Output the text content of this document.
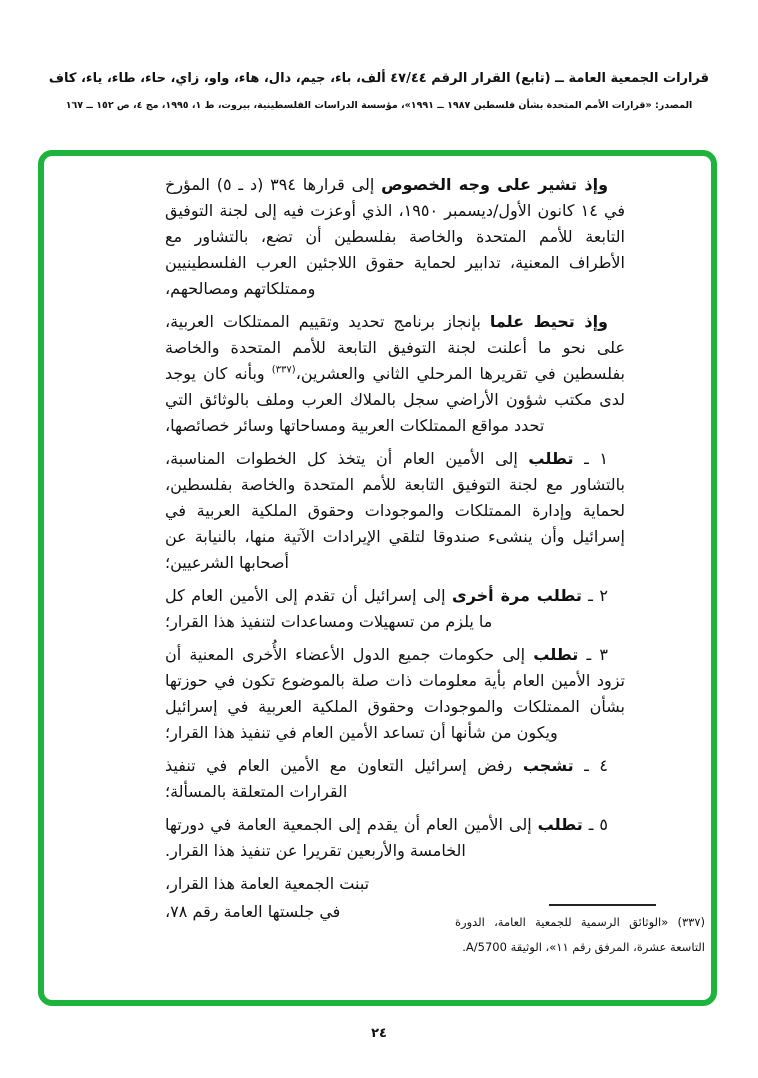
قرارات الجمعية العامة ــ (تابع) القرار الرقم ٤٧/٤٤ ألف، باء، جيم، دال، هاء، واو، زاي، حاء، طاء، ياء، كاف
المصدر: «قرارات الأمم المتحدة بشأن فلسطين ١٩٨٧ ــ ١٩٩١»، مؤسسة الدراسات الفلسطينية، بيروت، ط ١، ١٩٩٥، مج ٤، ص ١٥٢ ــ ١٦٧

وإذ تشير على وجه الخصوص إلى قرارها ٣٩٤ (د ـ ٥) المؤرخ في ١٤ كانون الأول/ديسمبر ١٩٥٠، الذي أوعزت فيه إلى لجنة التوفيق التابعة للأمم المتحدة والخاصة بفلسطين أن تضع، بالتشاور مع الأطراف المعنية، تدابير لحماية حقوق اللاجئين العرب الفلسطينيين وممتلكاتهم ومصالحهم،

وإذ تحيط علما بإنجاز برنامج تحديد وتقييم الممتلكات العربية، على نحو ما أعلنت لجنة التوفيق التابعة للأمم المتحدة والخاصة بفلسطين في تقريرها المرحلي الثاني والعشرين،$^{(٣٣٧)}$ وبأنه كان يوجد لدى مكتب شؤون الأراضي سجل بالملاك العرب وملف بالوثائق التي تحدد مواقع الممتلكات العربية ومساحاتها وسائر خصائصها،

١ ـ تطلب إلى الأمين العام أن يتخذ كل الخطوات المناسبة، بالتشاور مع لجنة التوفيق التابعة للأمم المتحدة والخاصة بفلسطين، لحماية وإدارة الممتلكات والموجودات وحقوق الملكية العربية في إسرائيل وأن ينشىء صندوقا لتلقي الإيرادات الآتية منها، بالنيابة عن أصحابها الشرعيين؛

٢ ـ تطلب مرة أخرى إلى إسرائيل أن تقدم إلى الأمين العام كل ما يلزم من تسهيلات ومساعدات لتنفيذ هذا القرار؛

٣ ـ تطلب إلى حكومات جميع الدول الأعضاء الأُخرى المعنية أن تزود الأمين العام بأية معلومات ذات صلة بالموضوع تكون في حوزتها بشأن الممتلكات والموجودات وحقوق الملكية العربية في إسرائيل ويكون من شأنها أن تساعد الأمين العام في تنفيذ هذا القرار؛

٤ ـ تشجب رفض إسرائيل التعاون مع الأمين العام في تنفيذ القرارات المتعلقة بالمسألة؛

٥ ـ تطلب إلى الأمين العام أن يقدم إلى الجمعية العامة في دورتها الخامسة والأربعين تقريرا عن تنفيذ هذا القرار.

تبنت الجمعية العامة هذا القرار،

في جلستها العامة رقم ٧٨،

(٣٣٧) «الوثائق الرسمية للجمعية العامة، الدورة التاسعة عشرة، المرفق رقم ١١»، الوثيقة A/5700.
٢٤
